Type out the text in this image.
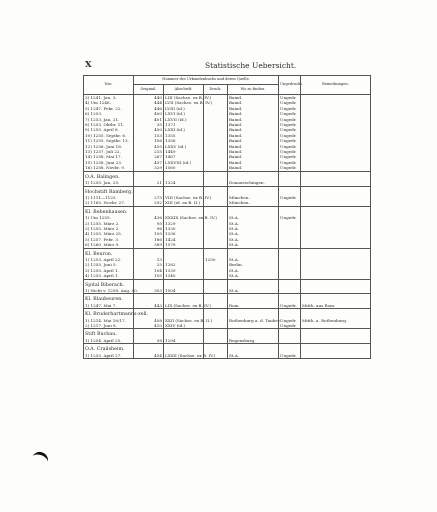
X	Statistische Uebersicht.
Nro.	Nummer des Urkundenbuchs und deren Quelle.				Ungedruckt.	Bemerkungen.
	Original.	Abschrift.	Druck.	Wo zu finden.		
3) 1241. Jan. 3.	440	LIII (Sachse. ex B. IV.)		Baind.	Ungedr.	
4) Um 1246.	444	LVII (Sachse. ex B. IV.)		Baind.	Ungedr.	
5) 1247. Febr. 22.	446	LVIII (id.)		Baind.	Ungedr.	
6) 1253.	400	LXVI (id.)		Baind.	Ungedr.	
7) 1253. Jan. 21.	401	LXVII (id.)		Baind.	Ungedr.	
8) 1253. Oktbr. 11.	35	1371		Baind.	Ungedr.	
9) 1255. April 8.	450	LXXI (id.)		Baind.	Ungedr.	
10) 1255. Septbr. 6.	153	1355		Baind.	Ungedr.	
11) 1255. Septbr. 13.	156	1356		Baind.	Ungedr.	
12) 1256. Juni 18.	455	LXXV (id.)		Baind.	Ungedr.	
13) 1257. Juli 22.	215	1449		Baind.	Ungedr.	
14) 1258. Mai 17.	267	1467		Baind.	Ungedr.	
15) 1258. Juni 23.	457	LXXVIII (id.)		Baind.	Ungedr.	
16) 1258. Novbr. 9.	329	1560		Baind.	Ungedr.	
O.A. Balingen.						
1) 1255. Jan. 25.	21	1324		Donaueschingen.		
Hochstift Bamberg.						
1) 1111—1125.	275	VIII (Sachse. ex B. IV.)		München.	Ungedr.	
2) 1165. Novbr. 27.	292	XIII (id. ex B. II.)		München.		
Kl. Bebenhausen.						
1) Um 1255.	436	XXXIX (Sachse. ex B. IV.)		St.A.	Ungedr.	
2) 1255. März 2.	95	1329		St.A.		
3) 1255. März 2.	96	1330		St.A.		
4) 1255. März 25.	105	1336		St.A.		
5) 1257. Febr. 3.	186	1424		St.A.		
6) 1260. März 9.	389	1579		St.A.		
Kl. Beuron.						
1) 1253. April 22.	13		1250	St.A.		
2) 1255. Juni 5.	25	1282		Berlin.		
3) 1255. April 1.	104	1339		St.A.		
4) 1255. April 1.	105	1340		St.A.		
Spital Biberach.						
1) Nicht v. 1258. Aug. 30.	303	1504		St.A.		
Kl. Blaubeuren.						
1) 1247. Mai 7.	443	LIX (Sachse. ex B. IV.)		Rom.	Ungedr.	Mitth. aus Rom.
Kl. Bruderhartmanns-zell.						
1) 1214. Mai 16/17.	408	XXII (Sachse. ex B. II.)		Rothenburg a. d. Tauber.	Ungedr.	Mitth. a. Rothenburg.
2) 1217. Juni 8.	410	XXIV (id.)			Ungedr.	
Stift Buchau.						
1) 1254. April 25.	58	1294		Regensburg.		
O.A. Crailsheim.						
1) 1255. April 27.	454	LXXII (Sachse. ex B. IV.)		St.A.	Ungedr.	
